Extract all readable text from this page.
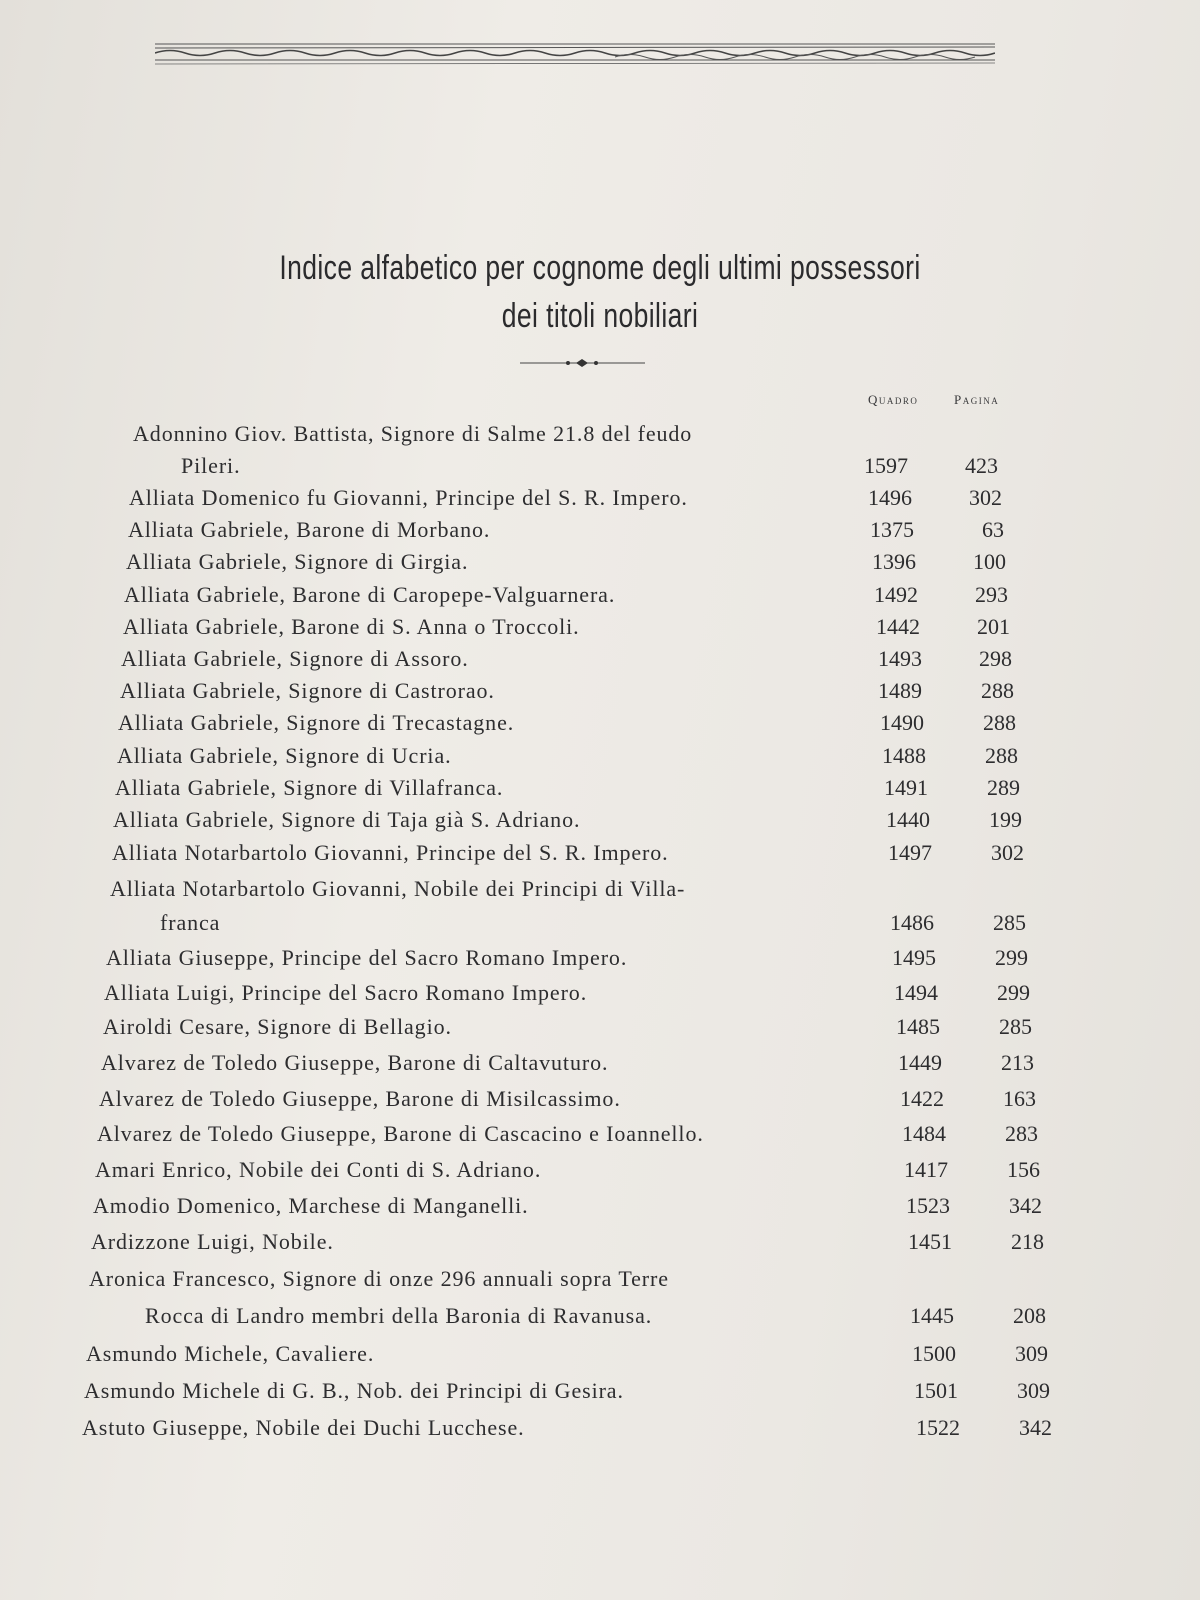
Indice alfabetico per cognome degli ultimi possessori
dei titoli nobiliari
Quadro	Pagina
Adonnino Giov. Battista, Signore di Salme 21.8 del feudo
Pileri.	1597	423
Alliata Domenico fu Giovanni, Principe del S. R. Impero.	1496	302
Alliata Gabriele, Barone di Morbano.	1375	63
Alliata Gabriele, Signore di Girgia.	1396	100
Alliata Gabriele, Barone di Caropepe-Valguarnera.	1492	293
Alliata Gabriele, Barone di S. Anna o Troccoli.	1442	201
Alliata Gabriele, Signore di Assoro.	1493	298
Alliata Gabriele, Signore di Castrorao.	1489	288
Alliata Gabriele, Signore di Trecastagne.	1490	288
Alliata Gabriele, Signore di Ucria.	1488	288
Alliata Gabriele, Signore di Villafranca.	1491	289
Alliata Gabriele, Signore di Taja già S. Adriano.	1440	199
Alliata Notarbartolo Giovanni, Principe del S. R. Impero.	1497	302
Alliata Notarbartolo Giovanni, Nobile dei Principi di Villa-
franca	1486	285
Alliata Giuseppe, Principe del Sacro Romano Impero.	1495	299
Alliata Luigi, Principe del Sacro Romano Impero.	1494	299
Airoldi Cesare, Signore di Bellagio.	1485	285
Alvarez de Toledo Giuseppe, Barone di Caltavuturo.	1449	213
Alvarez de Toledo Giuseppe, Barone di Misilcassimo.	1422	163
Alvarez de Toledo Giuseppe, Barone di Cascacino e Ioannello.	1484	283
Amari Enrico, Nobile dei Conti di S. Adriano.	1417	156
Amodio Domenico, Marchese di Manganelli.	1523	342
Ardizzone Luigi, Nobile.	1451	218
Aronica Francesco, Signore di onze 296 annuali sopra Terre
Rocca di Landro membri della Baronia di Ravanusa.	1445	208
Asmundo Michele, Cavaliere.	1500	309
Asmundo Michele di G. B., Nob. dei Principi di Gesira.	1501	309
Astuto Giuseppe, Nobile dei Duchi Lucchese.	1522	342
